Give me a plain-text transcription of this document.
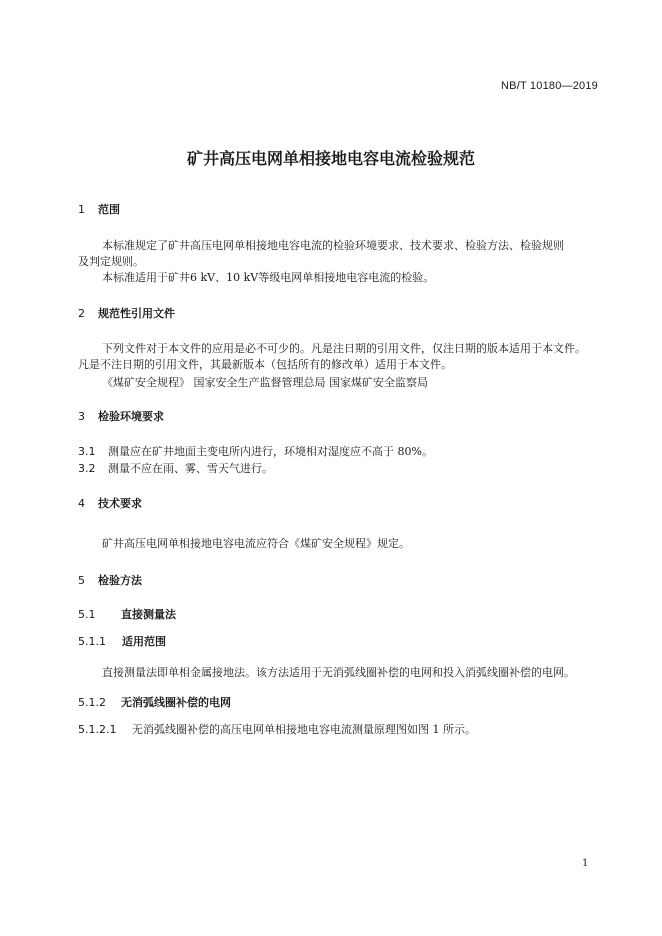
NB/T 10180—2019
矿井高压电网单相接地电容电流检验规范
1 范围
本标准规定了矿井高压电网单相接地电容电流的检验环境要求、技术要求、检验方法、检验规则
及判定规则。
本标准适用于矿井6 kV、10 kV等级电网单相接地电容电流的检验。
2 规范性引用文件
下列文件对于本文件的应用是必不可少的。凡是注日期的引用文件，仅注日期的版本适用于本文件。
凡是不注日期的引用文件，其最新版本（包括所有的修改单）适用于本文件。
《煤矿安全规程》 国家安全生产监督管理总局 国家煤矿安全监察局
3 检验环境要求
3.1 测量应在矿井地面主变电所内进行，环境相对湿度应不高于 80%。
3.2 测量不应在雨、雾、雪天气进行。
4 技术要求
矿井高压电网单相接地电容电流应符合《煤矿安全规程》规定。
5 检验方法
5.1 直接测量法
5.1.1 适用范围
直接测量法即单相金属接地法。该方法适用于无消弧线圈补偿的电网和投入消弧线圈补偿的电网。
5.1.2 无消弧线圈补偿的电网
5.1.2.1 无消弧线圈补偿的高压电网单相接地电容电流测量原理图如图 1 所示。
1
